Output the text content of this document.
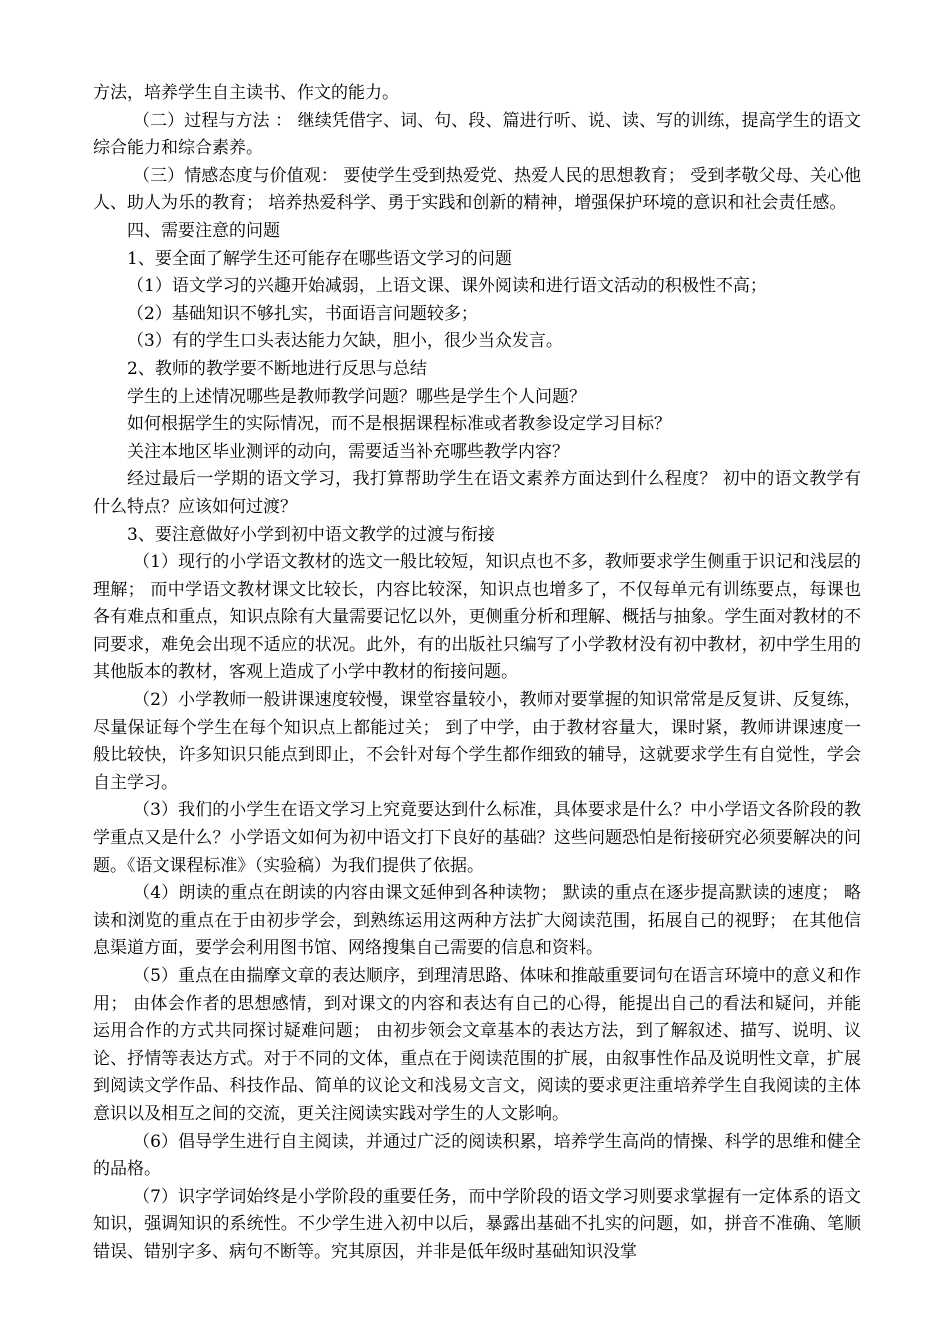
方法，培养学生自主读书、作文的能力。

（二）过程与方法 ： 继续凭借字、词、句、段、篇进行听、说、读、写的训练，提高学生的语文综合能力和综合素养。

（三）情感态度与价值观： 要使学生受到热爱党、热爱人民的思想教育； 受到孝敬父母、关心他人、助人为乐的教育； 培养热爱科学、勇于实践和创新的精神，增强保护环境的意识和社会责任感。

四、需要注意的问题

1、要全面了解学生还可能存在哪些语文学习的问题

（1）语文学习的兴趣开始减弱，上语文课、课外阅读和进行语文活动的积极性不高；

（2）基础知识不够扎实，书面语言问题较多；

（3）有的学生口头表达能力欠缺，胆小，很少当众发言。

2、教师的教学要不断地进行反思与总结

学生的上述情况哪些是教师教学问题？哪些是学生个人问题？

如何根据学生的实际情况，而不是根据课程标准或者教参设定学习目标？

关注本地区毕业测评的动向，需要适当补充哪些教学内容？

经过最后一学期的语文学习，我打算帮助学生在语文素养方面达到什么程度？ 初中的语文教学有什么特点？应该如何过渡？

3、要注意做好小学到初中语文教学的过渡与衔接

（1）现行的小学语文教材的选文一般比较短，知识点也不多，教师要求学生侧重于识记和浅层的理解； 而中学语文教材课文比较长，内容比较深，知识点也增多了，不仅每单元有训练要点，每课也各有难点和重点，知识点除有大量需要记忆以外，更侧重分析和理解、概括与抽象。学生面对教材的不同要求，难免会出现不适应的状况。此外，有的出版社只编写了小学教材没有初中教材，初中学生用的其他版本的教材，客观上造成了小学中教材的衔接问题。

（2）小学教师一般讲课速度较慢，课堂容量较小，教师对要掌握的知识常常是反复讲、反复练，尽量保证每个学生在每个知识点上都能过关； 到了中学，由于教材容量大，课时紧，教师讲课速度一般比较快，许多知识只能点到即止，不会针对每个学生都作细致的辅导，这就要求学生有自觉性，学会自主学习。

（3）我们的小学生在语文学习上究竟要达到什么标准，具体要求是什么？中小学语文各阶段的教学重点又是什么？小学语文如何为初中语文打下良好的基础？这些问题恐怕是衔接研究必须要解决的问题。《语文课程标准》（实验稿）为我们提供了依据。

（4）朗读的重点在朗读的内容由课文延伸到各种读物； 默读的重点在逐步提高默读的速度； 略读和浏览的重点在于由初步学会，到熟练运用这两种方法扩大阅读范围，拓展自己的视野； 在其他信息渠道方面，要学会利用图书馆、网络搜集自己需要的信息和资料。

（5）重点在由揣摩文章的表达顺序，到理清思路、体味和推敲重要词句在语言环境中的意义和作用； 由体会作者的思想感情，到对课文的内容和表达有自己的心得，能提出自己的看法和疑问，并能运用合作的方式共同探讨疑难问题； 由初步领会文章基本的表达方法，到了解叙述、描写、说明、议论、抒情等表达方式。对于不同的文体，重点在于阅读范围的扩展，由叙事性作品及说明性文章，扩展到阅读文学作品、科技作品、简单的议论文和浅易文言文，阅读的要求更注重培养学生自我阅读的主体意识以及相互之间的交流，更关注阅读实践对学生的人文影响。

（6）倡导学生进行自主阅读，并通过广泛的阅读积累，培养学生高尚的情操、科学的思维和健全的品格。

（7）识字学词始终是小学阶段的重要任务，而中学阶段的语文学习则要求掌握有一定体系的语文知识，强调知识的系统性。不少学生进入初中以后，暴露出基础不扎实的问题，如，拼音不准确、笔顺错误、错别字多、病句不断等。究其原因，并非是低年级时基础知识没掌
